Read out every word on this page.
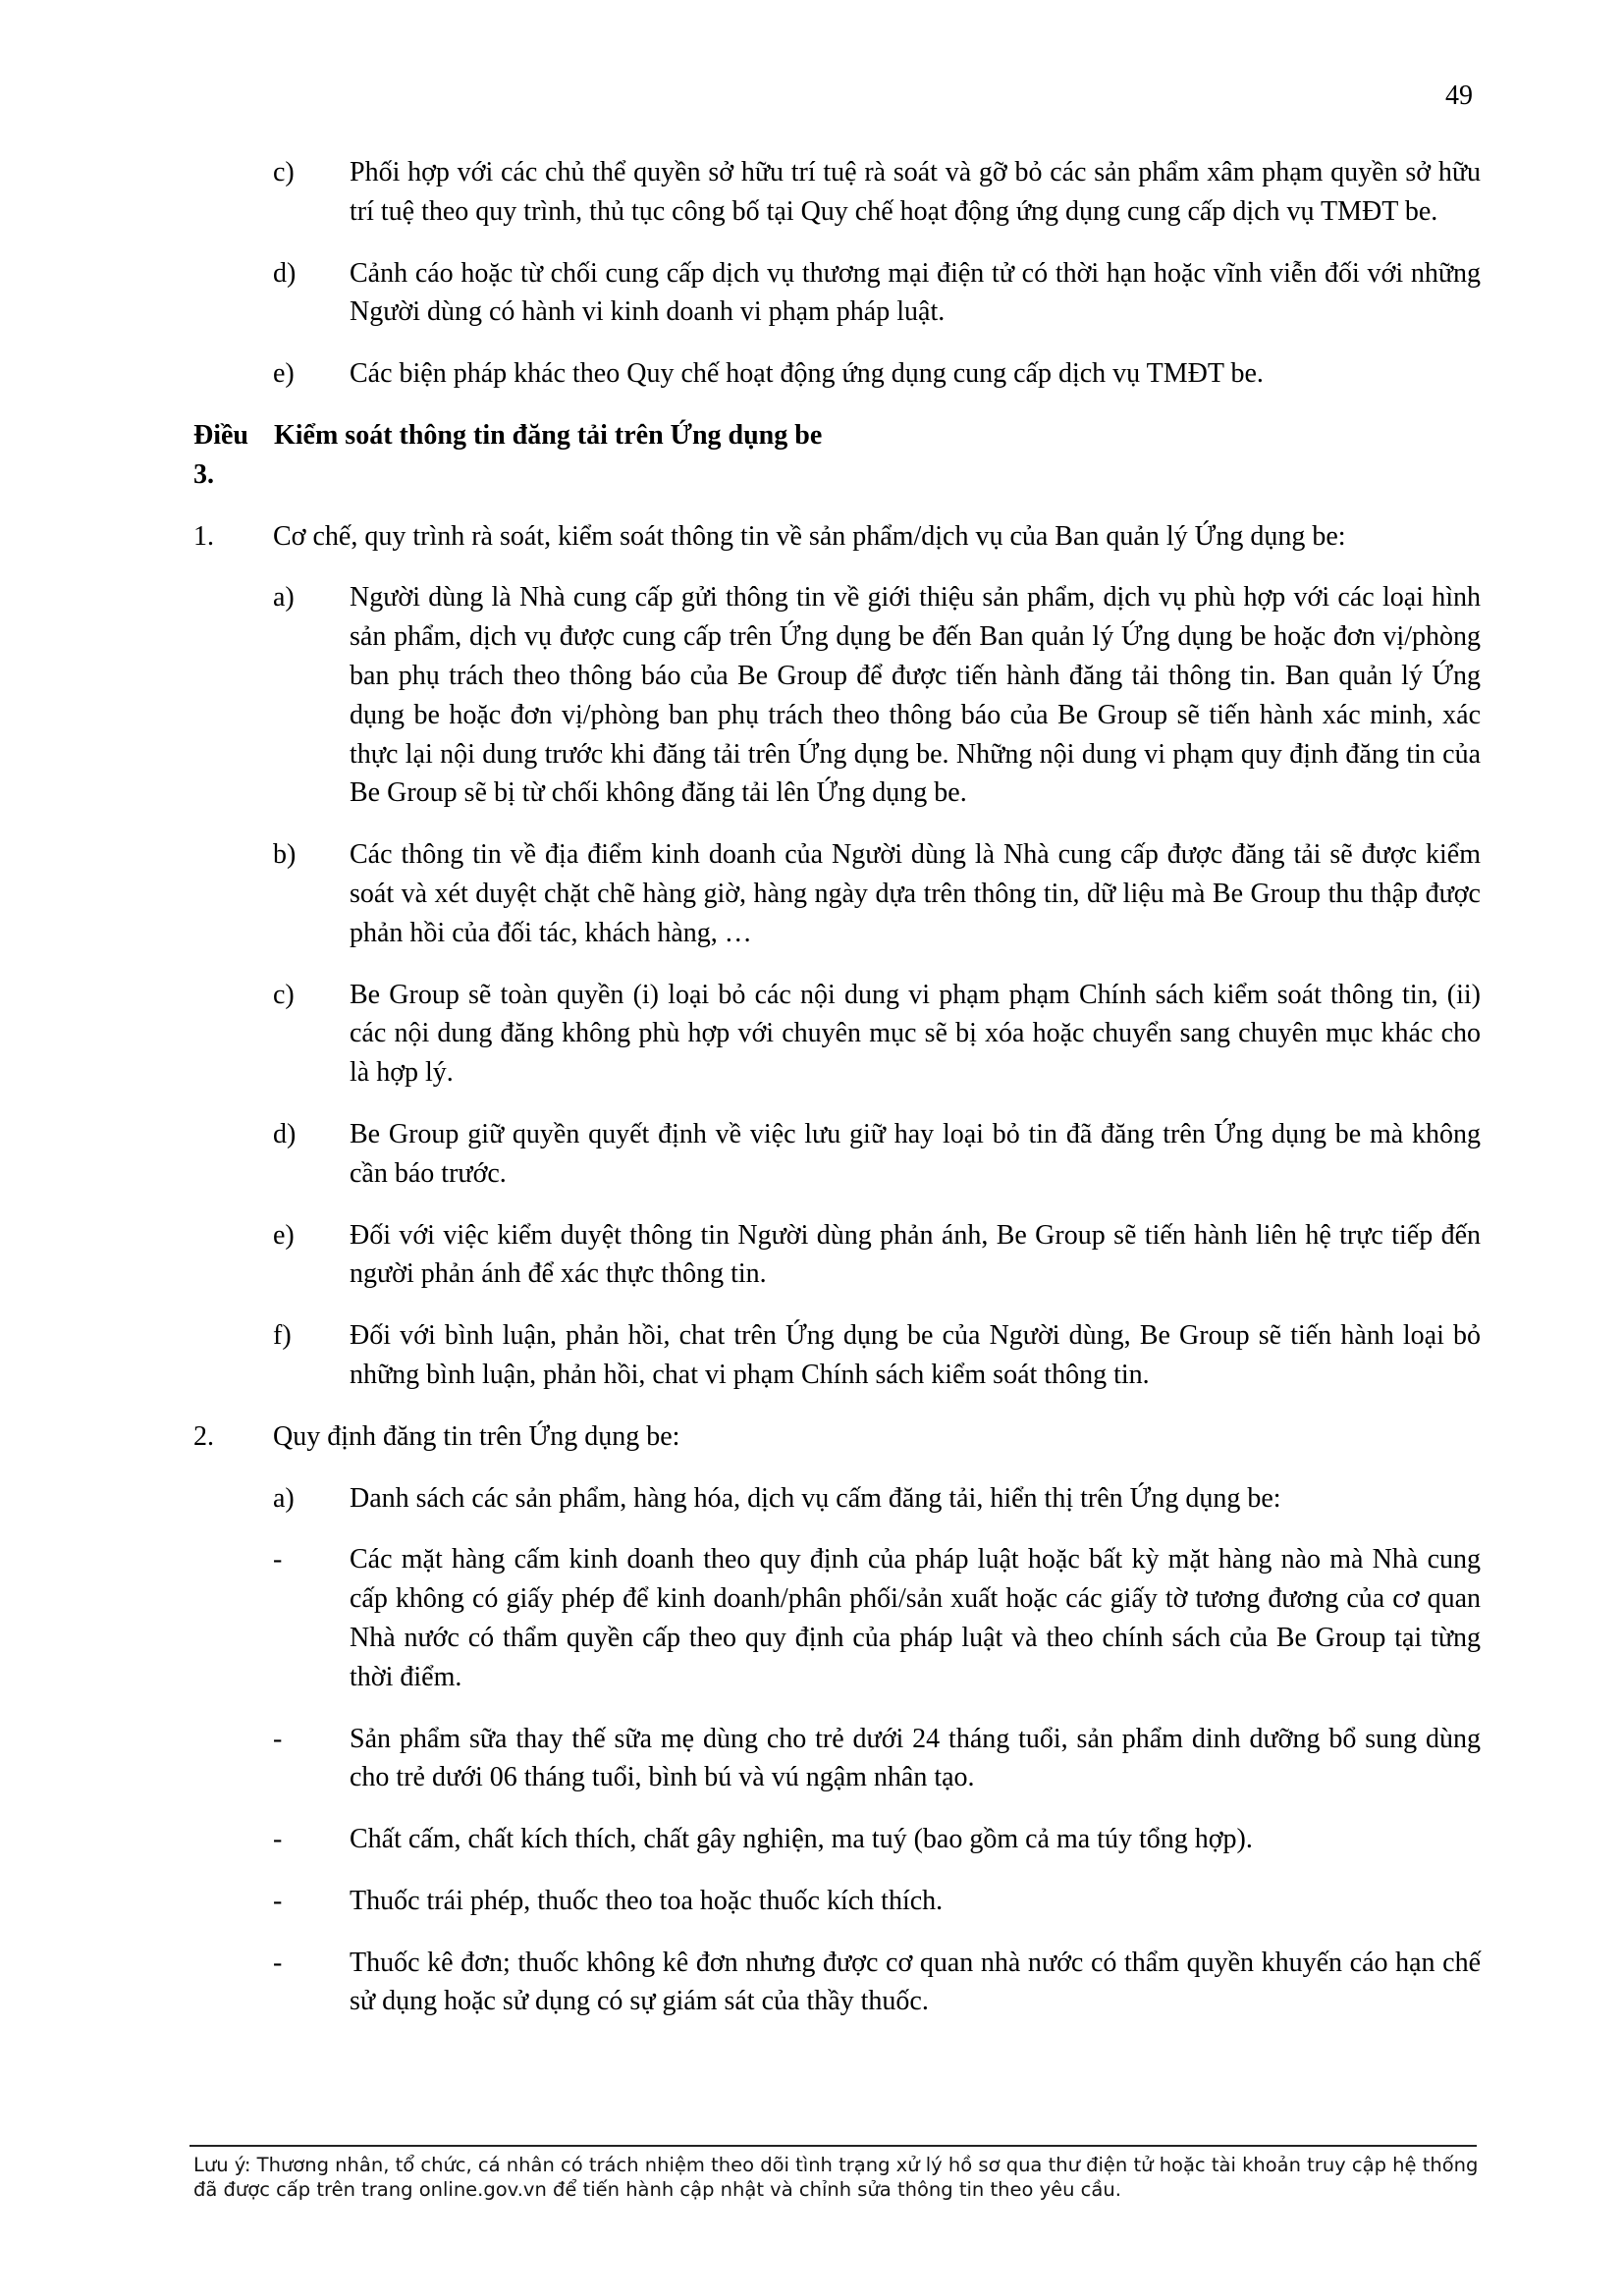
49
c)	Phối hợp với các chủ thể quyền sở hữu trí tuệ rà soát và gỡ bỏ các sản phẩm xâm phạm quyền sở hữu trí tuệ theo quy trình, thủ tục công bố tại Quy chế hoạt động ứng dụng cung cấp dịch vụ TMĐT be.
d)	Cảnh cáo hoặc từ chối cung cấp dịch vụ thương mại điện tử có thời hạn hoặc vĩnh viễn đối với những Người dùng có hành vi kinh doanh vi phạm pháp luật.
e)	Các biện pháp khác theo Quy chế hoạt động ứng dụng cung cấp dịch vụ TMĐT be.
Điều 3.
Kiểm soát thông tin đăng tải trên Ứng dụng be
1.	Cơ chế, quy trình rà soát, kiểm soát thông tin về sản phẩm/dịch vụ của Ban quản lý Ứng dụng be:
a)	Người dùng là Nhà cung cấp gửi thông tin về giới thiệu sản phẩm, dịch vụ phù hợp với các loại hình sản phẩm, dịch vụ được cung cấp trên Ứng dụng be đến Ban quản lý Ứng dụng be hoặc đơn vị/phòng ban phụ trách theo thông báo của Be Group để được tiến hành đăng tải thông tin. Ban quản lý Ứng dụng be hoặc đơn vị/phòng ban phụ trách theo thông báo của Be Group sẽ tiến hành xác minh, xác thực lại nội dung trước khi đăng tải trên Ứng dụng be. Những nội dung vi phạm quy định đăng tin của Be Group sẽ bị từ chối không đăng tải lên Ứng dụng be.
b)	Các thông tin về địa điểm kinh doanh của Người dùng là Nhà cung cấp được đăng tải sẽ được kiểm soát và xét duyệt chặt chẽ hàng giờ, hàng ngày dựa trên thông tin, dữ liệu mà Be Group thu thập được phản hồi của đối tác, khách hàng, …
c)	Be Group sẽ toàn quyền (i) loại bỏ các nội dung vi phạm phạm Chính sách kiểm soát thông tin, (ii) các nội dung đăng không phù hợp với chuyên mục sẽ bị xóa hoặc chuyển sang chuyên mục khác cho là hợp lý.
d)	Be Group giữ quyền quyết định về việc lưu giữ hay loại bỏ tin đã đăng trên Ứng dụng be mà không cần báo trước.
e)	Đối với việc kiểm duyệt thông tin Người dùng phản ánh, Be Group sẽ tiến hành liên hệ trực tiếp đến người phản ánh để xác thực thông tin.
f)	Đối với bình luận, phản hồi, chat trên Ứng dụng be của Người dùng, Be Group sẽ tiến hành loại bỏ những bình luận, phản hồi, chat vi phạm Chính sách kiểm soát thông tin.
2.	Quy định đăng tin trên Ứng dụng be:
a)	Danh sách các sản phẩm, hàng hóa, dịch vụ cấm đăng tải, hiển thị trên Ứng dụng be:
-	Các mặt hàng cấm kinh doanh theo quy định của pháp luật hoặc bất kỳ mặt hàng nào mà Nhà cung cấp không có giấy phép để kinh doanh/phân phối/sản xuất hoặc các giấy tờ tương đương của cơ quan Nhà nước có thẩm quyền cấp theo quy định của pháp luật và theo chính sách của Be Group tại từng thời điểm.
-	Sản phẩm sữa thay thế sữa mẹ dùng cho trẻ dưới 24 tháng tuổi, sản phẩm dinh dưỡng bổ sung dùng cho trẻ dưới 06 tháng tuổi, bình bú và vú ngậm nhân tạo.
-	Chất cấm, chất kích thích, chất gây nghiện, ma tuý (bao gồm cả ma túy tổng hợp).
-	Thuốc trái phép, thuốc theo toa hoặc thuốc kích thích.
-	Thuốc kê đơn; thuốc không kê đơn nhưng được cơ quan nhà nước có thẩm quyền khuyến cáo hạn chế sử dụng hoặc sử dụng có sự giám sát của thầy thuốc.
Lưu ý: Thương nhân, tổ chức, cá nhân có trách nhiệm theo dõi tình trạng xử lý hồ sơ qua thư điện tử hoặc tài khoản truy cập hệ thống đã được cấp trên trang online.gov.vn để tiến hành cập nhật và chỉnh sửa thông tin theo yêu cầu.
